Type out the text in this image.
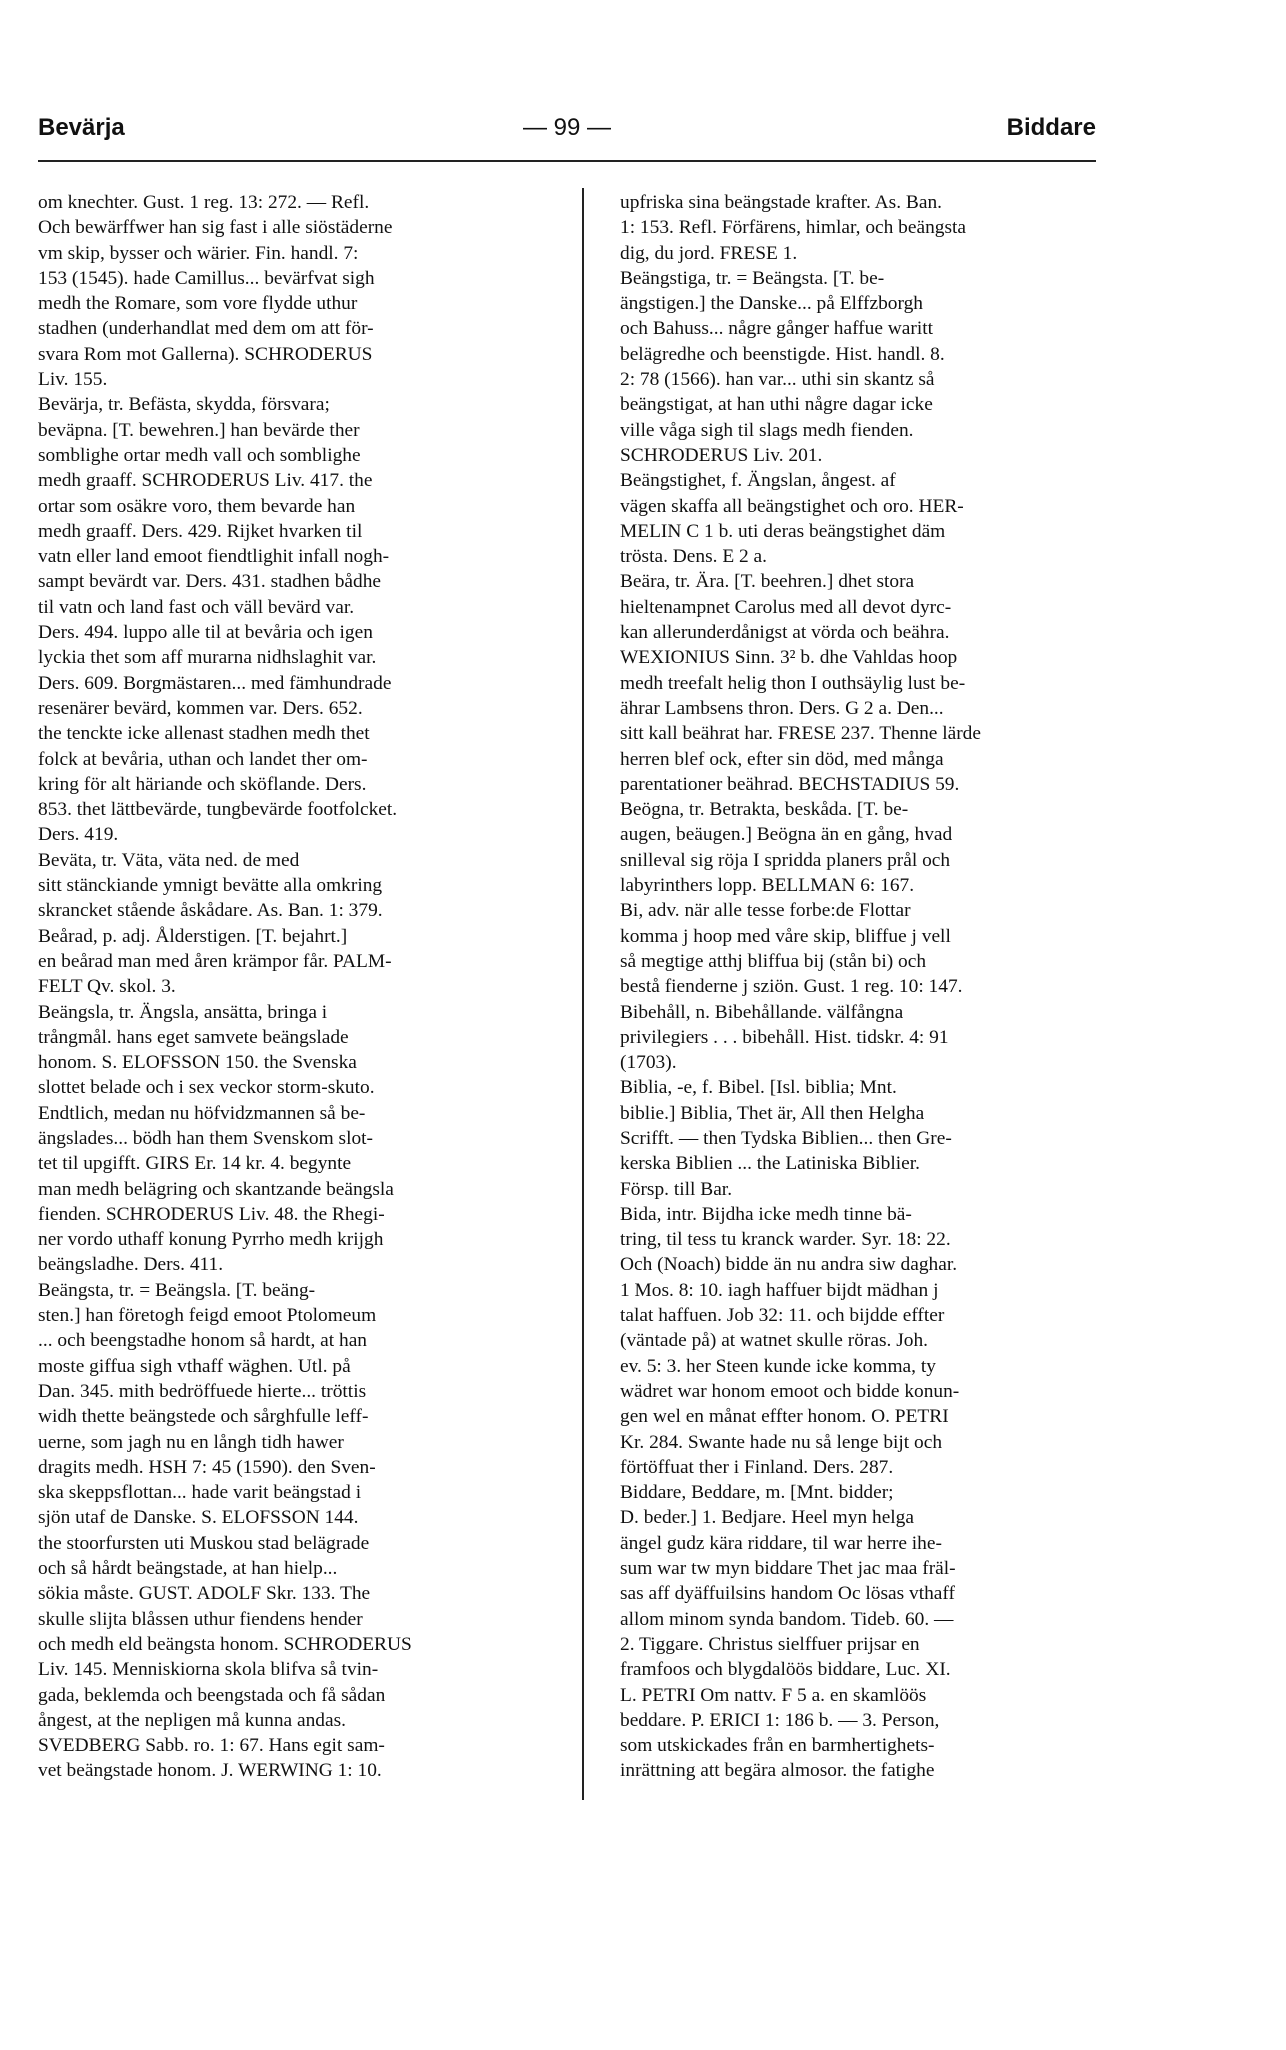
Bevärja	— 99 —	Biddare
om knechter. Gust. 1 reg. 13: 272. — Refl.
Och bewärffwer han sig fast i alle siöstäderne
vm skip, bysser och wärier. Fin. handl. 7:
153 (1545). hade Camillus... bevärfvat sigh
medh the Romare, som vore flydde uthur
stadhen (underhandlat med dem om att för-
svara Rom mot Gallerna). SCHRODERUS
Liv. 155.
Bevärja, tr. Befästa, skydda, försvara;
beväpna. [T. bewehren.] han bevärde ther
somblighe ortar medh vall och somblighe
medh graaff. SCHRODERUS Liv. 417. the
ortar som osäkre voro, them bevarde han
medh graaff. Ders. 429. Rijket hvarken til
vatn eller land emoot fiendtlighit infall nogh-
sampt bevärdt var. Ders. 431. stadhen bådhe
til vatn och land fast och väll bevärd var.
Ders. 494. luppo alle til at bevåria och igen
lyckia thet som aff murarna nidhslaghit var.
Ders. 609. Borgmästaren... med fämhundrade
resenärer bevärd, kommen var. Ders. 652.
the tenckte icke allenast stadhen medh thet
folck at bevåria, uthan och landet ther om-
kring för alt häriande och sköflande. Ders.
853. thet lättbevärde, tungbevärde footfolcket.
Ders. 419.
Beväta, tr. Väta, väta ned. de med
sitt stänckiande ymnigt bevätte alla omkring
skrancket stående åskådare. As. Ban. 1: 379.
Beårad, p. adj. Ålderstigen. [T. bejahrt.]
en beårad man med åren krämpor får. PALM-
FELT Qv. skol. 3.
Beängsla, tr. Ängsla, ansätta, bringa i
trångmål. hans eget samvete beängslade
honom. S. ELOFSSON 150. the Svenska
slottet belade och i sex veckor storm-skuto.
Endtlich, medan nu höfvidzmannen så be-
ängslades... bödh han them Svenskom slot-
tet til upgifft. GIRS Er. 14 kr. 4. begynte
man medh belägring och skantzande beängsla
fienden. SCHRODERUS Liv. 48. the Rhegi-
ner vordo uthaff konung Pyrrho medh krijgh
beängsladhe. Ders. 411.
Beängsta, tr. = Beängsla. [T. beäng-
sten.] han företogh feigd emoot Ptolomeum
... och beengstadhe honom så hardt, at han
moste giffua sigh vthaff wäghen. Utl. på
Dan. 345. mith bedröffuede hierte... tröttis
widh thette beängstede och sårghfulle leff-
uerne, som jagh nu en långh tidh hawer
dragits medh. HSH 7: 45 (1590). den Sven-
ska skeppsflottan... hade varit beängstad i
sjön utaf de Danske. S. ELOFSSON 144.
the stoorfursten uti Muskou stad belägrade
och så hårdt beängstade, at han hielp...
sökia måste. GUST. ADOLF Skr. 133. The
skulle slijta blåssen uthur fiendens hender
och medh eld beängsta honom. SCHRODERUS
Liv. 145. Menniskiorna skola blifva så tvin-
gada, beklemda och beengstada och få sådan
ångest, at the nepligen må kunna andas.
SVEDBERG Sabb. ro. 1: 67. Hans egit sam-
vet beängstade honom. J. WERWING 1: 10.
upfriska sina beängstade krafter. As. Ban.
1: 153. Refl. Förfärens, himlar, och beängsta
dig, du jord. FRESE 1.
Beängstiga, tr. = Beängsta. [T. be-
ängstigen.] the Danske... på Elffzborgh
och Bahuss... någre gånger haffue waritt
belägredhe och beenstigde. Hist. handl. 8.
2: 78 (1566). han var... uthi sin skantz så
beängstigat, at han uthi någre dagar icke
ville våga sigh til slags medh fienden.
SCHRODERUS Liv. 201.
Beängstighet, f. Ängslan, ångest. af
vägen skaffa all beängstighet och oro. HER-
MELIN C 1 b. uti deras beängstighet däm
trösta. Dens. E 2 a.
Beära, tr. Ära. [T. beehren.] dhet stora
hieltenampnet Carolus med all devot dyrc-
kan allerunderdånigst at vörda och beähra.
WEXIONIUS Sinn. 3² b. dhe Vahldas hoop
medh treefalt helig thon I outhsäylig lust be-
ährar Lambsens thron. Ders. G 2 a. Den...
sitt kall beährat har. FRESE 237. Thenne lärde
herren blef ock, efter sin död, med många
parentationer beährad. BECHSTADIUS 59.
Beögna, tr. Betrakta, beskåda. [T. be-
augen, beäugen.] Beögna än en gång, hvad
snilleval sig röja I spridda planers prål och
labyrinthers lopp. BELLMAN 6: 167.
Bi, adv. när alle tesse forbe:de Flottar
komma j hoop med våre skip, bliffue j vell
så megtige atthj bliffua bij (stån bi) och
bestå fienderne j sziön. Gust. 1 reg. 10: 147.
Bibehåll, n. Bibehållande. välfångna
privilegiers . . . bibehåll. Hist. tidskr. 4: 91
(1703).
Biblia, -e, f. Bibel. [Isl. biblia; Mnt.
biblie.] Biblia, Thet är, All then Helgha
Scrifft. — then Tydska Biblien... then Gre-
kerska Biblien ... the Latiniska Biblier.
Försp. till Bar.
Bida, intr. Bijdha icke medh tinne bä-
tring, til tess tu kranck warder. Syr. 18: 22.
Och (Noach) bidde än nu andra siw daghar.
1 Mos. 8: 10. iagh haffuer bijdt mädhan j
talat haffuen. Job 32: 11. och bijdde effter
(väntade på) at watnet skulle röras. Joh.
ev. 5: 3. her Steen kunde icke komma, ty
wädret war honom emoot och bidde konun-
gen wel en månat effter honom. O. PETRI
Kr. 284. Swante hade nu så lenge bijt och
förtöffuat ther i Finland. Ders. 287.
Biddare, Beddare, m. [Mnt. bidder;
D. beder.] 1. Bedjare. Heel myn helga
ängel gudz kära riddare, til war herre ihe-
sum war tw myn biddare Thet jac maa fräl-
sas aff dyäffuilsins handom Oc lösas vthaff
allom minom synda bandom. Tideb. 60. —
2. Tiggare. Christus sielffuer prijsar en
framfoos och blygdalöös biddare, Luc. XI.
L. PETRI Om nattv. F 5 a. en skamlöös
beddare. P. ERICI 1: 186 b. — 3. Person,
som utskickades från en barmhertighets-
inrättning att begära almosor. the fatighe
